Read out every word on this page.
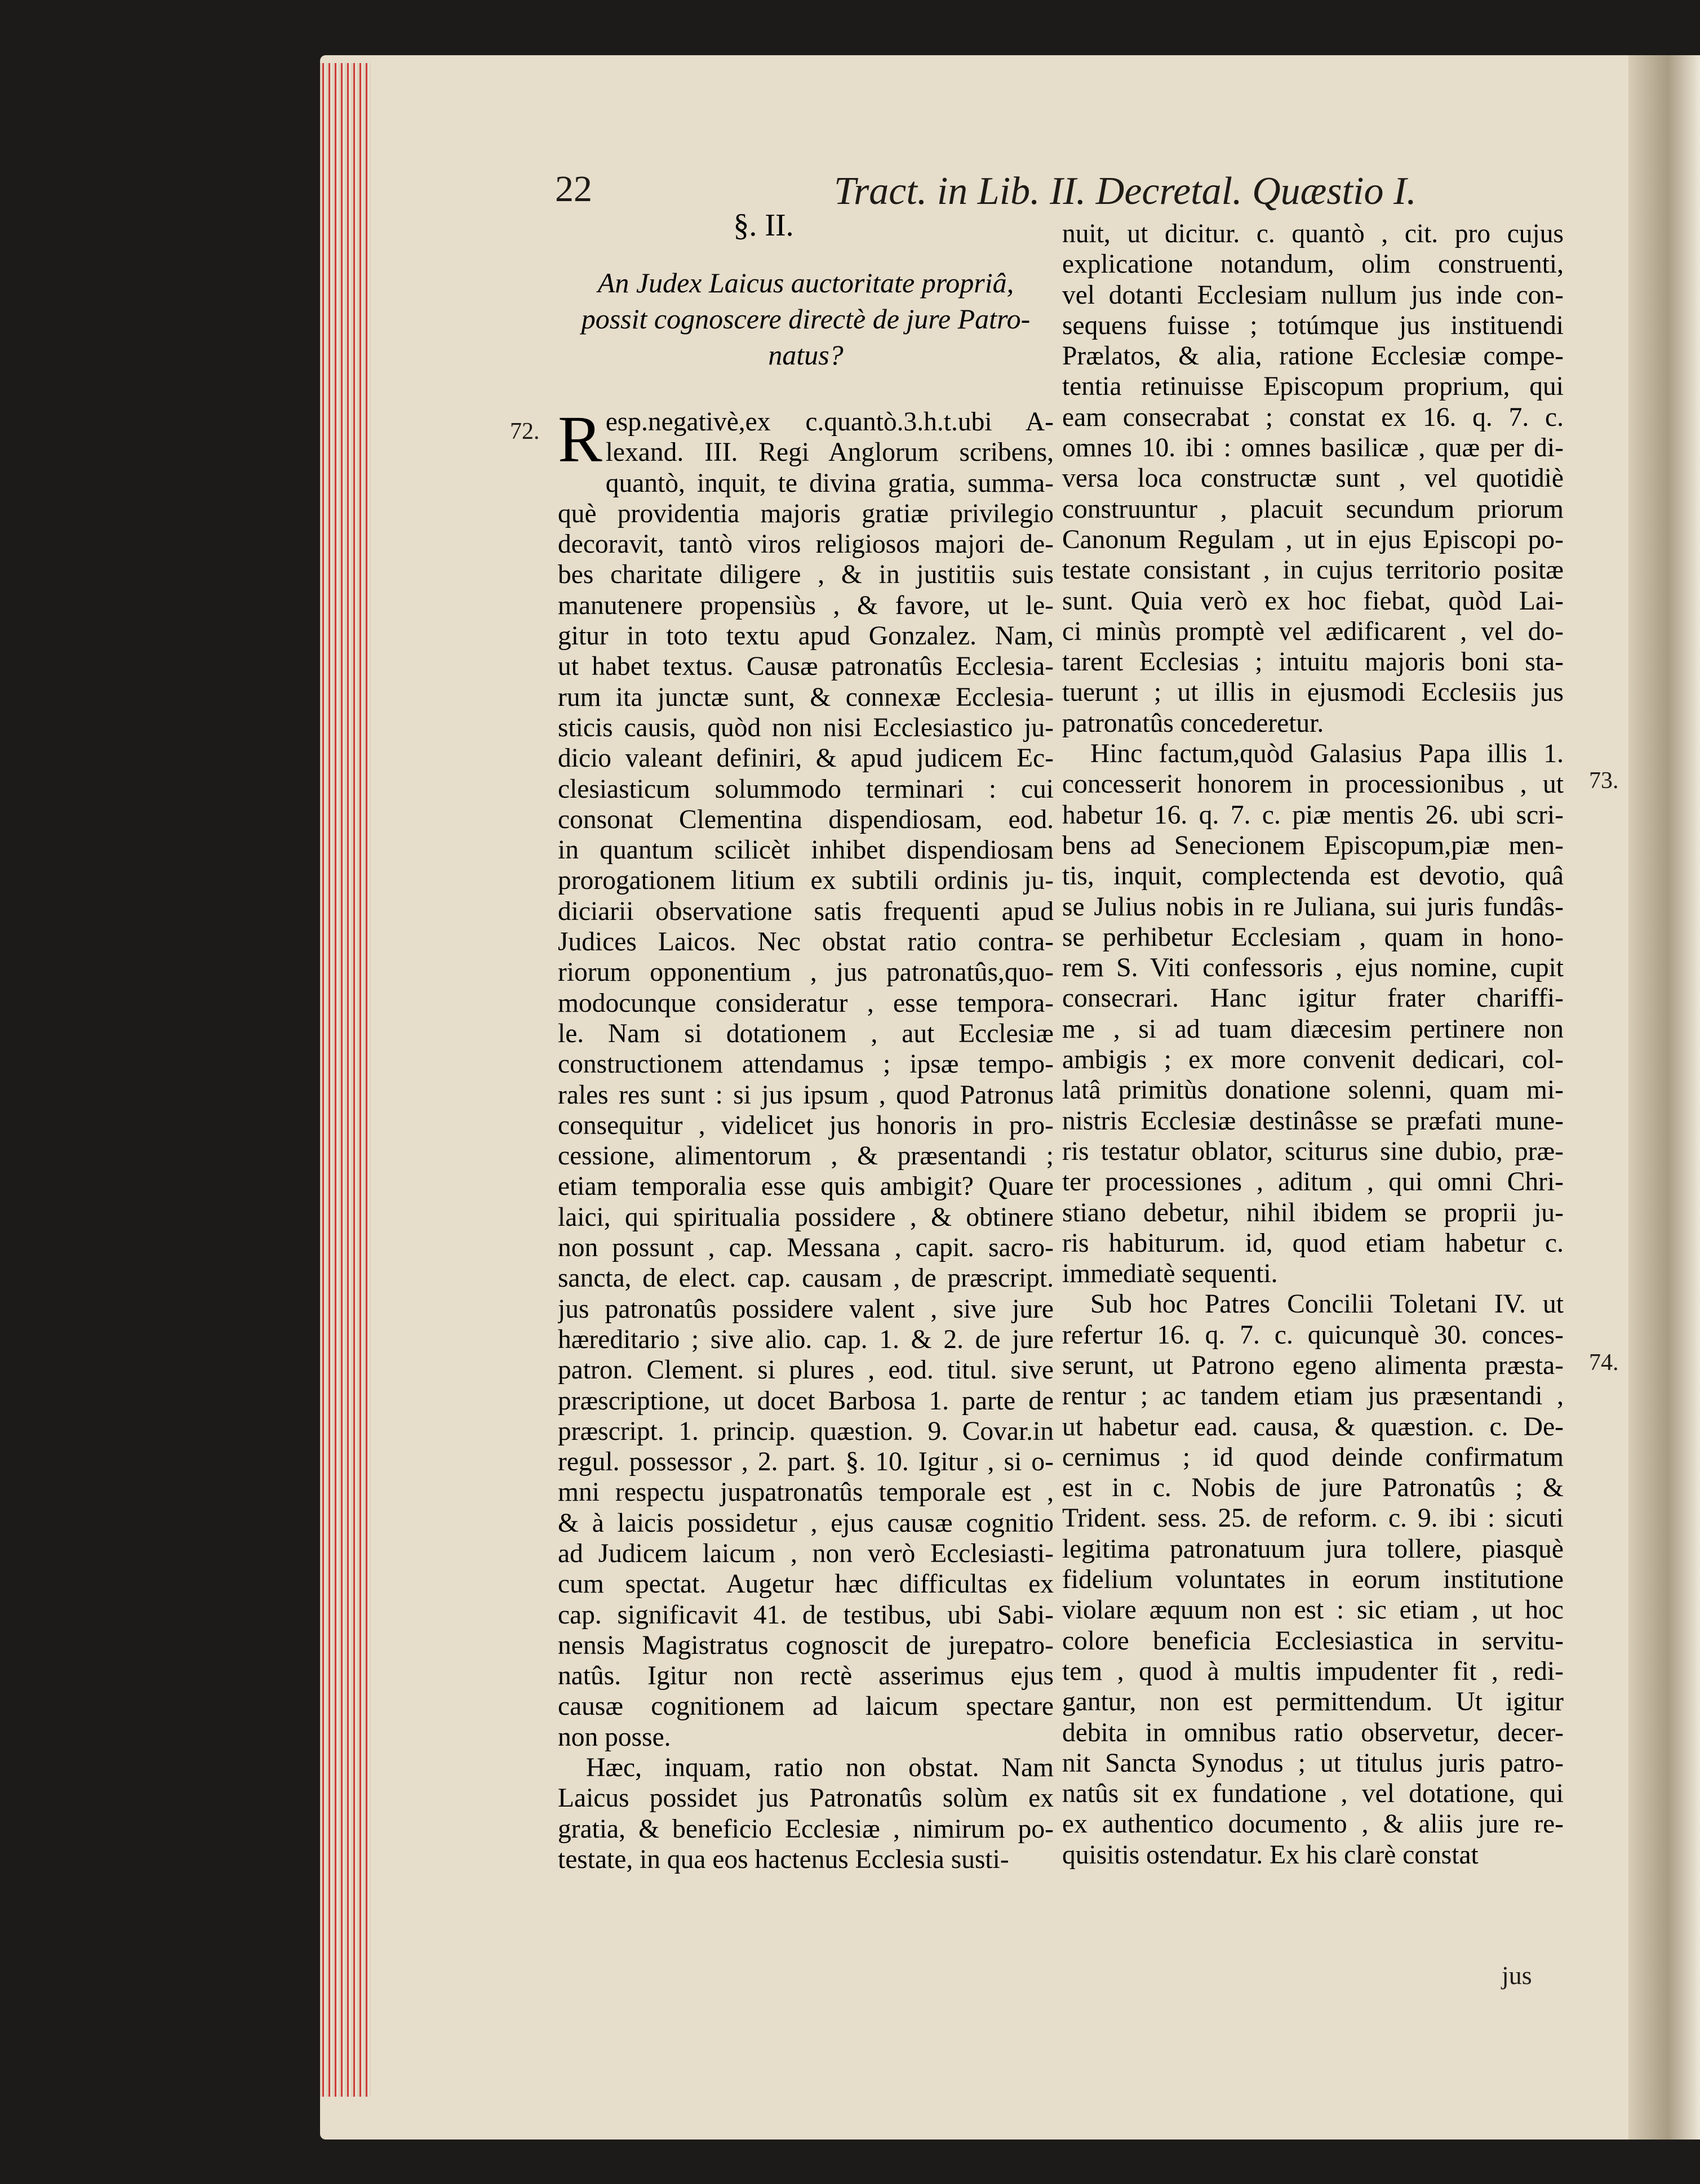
22	Tract. in Lib. II. Decretal. Quæstio I.
72.
73.
74.
§. II.
An Judex Laicus auctoritate propriâ,
possit cognoscere directè de jure Patro-
natus?
R esp.negativè,ex c.quantò.3.h.t.ubi A-
lexand. III. Regi Anglorum scribens,
quantò, inquit, te divina gratia, summa-
què providentia majoris gratiæ privilegio
decoravit, tantò viros religiosos majori de-
bes charitate diligere , & in justitiis suis
manutenere propensiùs , & favore, ut le-
gitur in toto textu apud Gonzalez. Nam,
ut habet textus. Causæ patronatûs Ecclesia-
rum ita junctæ sunt, & connexæ Ecclesia-
sticis causis, quòd non nisi Ecclesiastico ju-
dicio valeant definiri, & apud judicem Ec-
clesiasticum solummodo terminari : cui
consonat Clementina dispendiosam, eod.
in quantum scilicèt inhibet dispendiosam
prorogationem litium ex subtili ordinis ju-
diciarii observatione satis frequenti apud
Judices Laicos. Nec obstat ratio contra-
riorum opponentium , jus patronatûs,quo-
modocunque consideratur , esse tempora-
le. Nam si dotationem , aut Ecclesiæ
constructionem attendamus ; ipsæ tempo-
rales res sunt : si jus ipsum , quod Patronus
consequitur , videlicet jus honoris in pro-
cessione, alimentorum , & præsentandi ;
etiam temporalia esse quis ambigit? Quare
laici, qui spiritualia possidere , & obtinere
non possunt , cap. Messana , capit. sacro-
sancta, de elect. cap. causam , de præscript.
jus patronatûs possidere valent , sive jure
hæreditario ; sive alio. cap. 1. & 2. de jure
patron. Clement. si plures , eod. titul. sive
præscriptione, ut docet Barbosa 1. parte de
præscript. 1. princip. quæstion. 9. Covar.in
regul. possessor , 2. part. §. 10. Igitur , si o-
mni respectu juspatronatûs temporale est ,
& à laicis possidetur , ejus causæ cognitio
ad Judicem laicum , non verò Ecclesiasti-
cum spectat. Augetur hæc difficultas ex
cap. significavit 41. de testibus, ubi Sabi-
nensis Magistratus cognoscit de jurepatro-
natûs. Igitur non rectè asserimus ejus
causæ cognitionem ad laicum spectare
non posse.
Hæc, inquam, ratio non obstat. Nam
Laicus possidet jus Patronatûs solùm ex
gratia, & beneficio Ecclesiæ , nimirum po-
testate, in qua eos hactenus Ecclesia susti-
nuit, ut dicitur. c. quantò , cit. pro cujus
explicatione notandum, olim construenti,
vel dotanti Ecclesiam nullum jus inde con-
sequens fuisse ; totúmque jus instituendi
Prælatos, & alia, ratione Ecclesiæ compe-
tentia retinuisse Episcopum proprium, qui
eam consecrabat ; constat ex 16. q. 7. c.
omnes 10. ibi : omnes basilicæ , quæ per di-
versa loca constructæ sunt , vel quotidiè
construuntur , placuit secundum priorum
Canonum Regulam , ut in ejus Episcopi po-
testate consistant , in cujus territorio positæ
sunt. Quia verò ex hoc fiebat, quòd Lai-
ci minùs promptè vel ædificarent , vel do-
tarent Ecclesias ; intuitu majoris boni sta-
tuerunt ; ut illis in ejusmodi Ecclesiis jus
patronatûs concederetur.
Hinc factum,quòd Galasius Papa illis 1.
concesserit honorem in processionibus , ut
habetur 16. q. 7. c. piæ mentis 26. ubi scri-
bens ad Senecionem Episcopum,piæ men-
tis, inquit, complectenda est devotio, quâ
se Julius nobis in re Juliana, sui juris fundâs-
se perhibetur Ecclesiam , quam in hono-
rem S. Viti confessoris , ejus nomine, cupit
consecrari. Hanc igitur frater chariffi-
me , si ad tuam diæcesim pertinere non
ambigis ; ex more convenit dedicari, col-
latâ primitùs donatione solenni, quam mi-
nistris Ecclesiæ destinâsse se præfati mune-
ris testatur oblator, sciturus sine dubio, præ-
ter processiones , aditum , qui omni Chri-
stiano debetur, nihil ibidem se proprii ju-
ris habiturum. id, quod etiam habetur c.
immediatè sequenti.
Sub hoc Patres Concilii Toletani IV. ut
refertur 16. q. 7. c. quicunquè 30. conces-
serunt, ut Patrono egeno alimenta præsta-
rentur ; ac tandem etiam jus præsentandi ,
ut habetur ead. causa, & quæstion. c. De-
cernimus ; id quod deinde confirmatum
est in c. Nobis de jure Patronatûs ; &
Trident. sess. 25. de reform. c. 9. ibi : sicuti
legitima patronatuum jura tollere, piasquè
fidelium voluntates in eorum institutione
violare æquum non est : sic etiam , ut hoc
colore beneficia Ecclesiastica in servitu-
tem , quod à multis impudenter fit , redi-
gantur, non est permittendum. Ut igitur
debita in omnibus ratio observetur, decer-
nit Sancta Synodus ; ut titulus juris patro-
natûs sit ex fundatione , vel dotatione, qui
ex authentico documento , & aliis jure re-
quisitis ostendatur. Ex his clarè constat
jus
